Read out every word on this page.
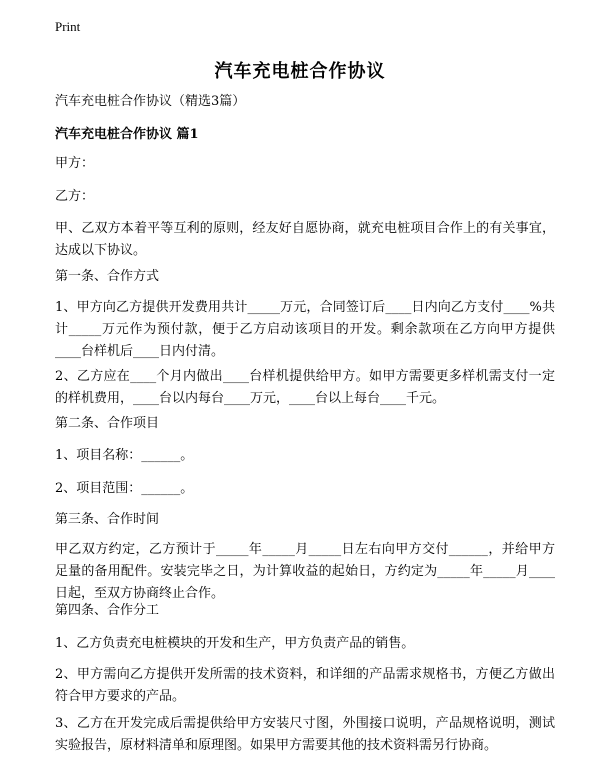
Print
汽车充电桩合作协议
汽车充电桩合作协议（精选3篇）
汽车充电桩合作协议 篇1
甲方：
乙方：
甲、乙双方本着平等互利的原则，经友好自愿协商，就充电桩项目合作上的有关事宜，达成以下协议。
第一条、合作方式
1、甲方向乙方提供开发费用共计_____万元，合同签订后____日内向乙方支付____%共计_____万元作为预付款，便于乙方启动该项目的开发。剩余款项在乙方向甲方提供____台样机后____日内付清。
2、乙方应在____个月内做出____台样机提供给甲方。如甲方需要更多样机需支付一定的样机费用，____台以内每台____万元，____台以上每台____千元。
第二条、合作项目
1、项目名称：______。
2、项目范围：______。
第三条、合作时间
甲乙双方约定，乙方预计于_____年_____月_____日左右向甲方交付______，并给甲方足量的备用配件。安装完毕之日，为计算收益的起始日，方约定为_____年_____月____日起，至双方协商终止合作。
第四条、合作分工
1、乙方负责充电桩模块的开发和生产，甲方负责产品的销售。
2、甲方需向乙方提供开发所需的技术资料，和详细的产品需求规格书，方便乙方做出符合甲方要求的产品。
3、乙方在开发完成后需提供给甲方安装尺寸图，外围接口说明，产品规格说明，测试实验报告，原材料清单和原理图。如果甲方需要其他的技术资料需另行协商。
